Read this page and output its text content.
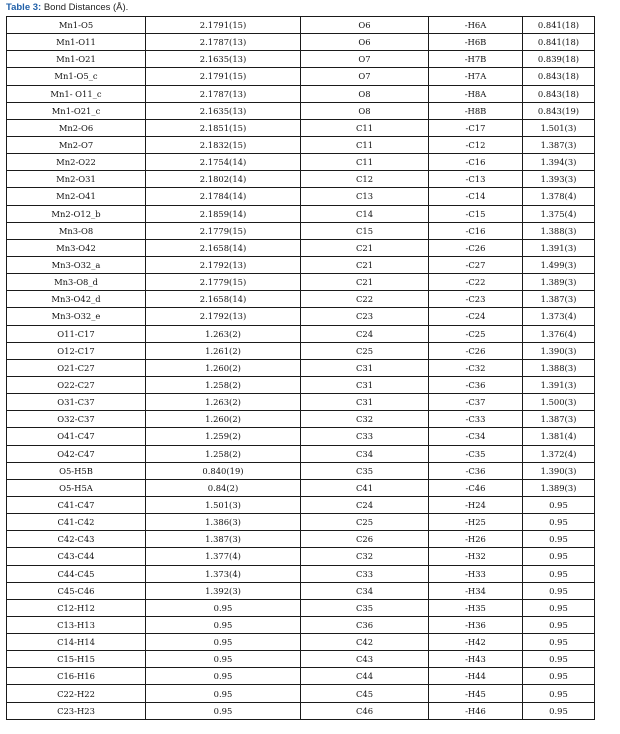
Table 3: Bond Distances (Å).
Mn1-O5	2.1791(15)	O6	-H6A	0.841(18)
Mn1-O11	2.1787(13)	O6	-H6B	0.841(18)
Mn1-O21	2.1635(13)	O7	-H7B	0.839(18)
Mn1-O5_c	2.1791(15)	O7	-H7A	0.843(18)
Mn1- O11_c	2.1787(13)	O8	-H8A	0.843(18)
Mn1-O21_c	2.1635(13)	O8	-H8B	0.843(19)
Mn2-O6	2.1851(15)	C11	-C17	1.501(3)
Mn2-O7	2.1832(15)	C11	-C12	1.387(3)
Mn2-O22	2.1754(14)	C11	-C16	1.394(3)
Mn2-O31	2.1802(14)	C12	-C13	1.393(3)
Mn2-O41	2.1784(14)	C13	-C14	1.378(4)
Mn2-O12_b	2.1859(14)	C14	-C15	1.375(4)
Mn3-O8	2.1779(15)	C15	-C16	1.388(3)
Mn3-O42	2.1658(14)	C21	-C26	1.391(3)
Mn3-O32_a	2.1792(13)	C21	-C27	1.499(3)
Mn3-O8_d	2.1779(15)	C21	-C22	1.389(3)
Mn3-O42_d	2.1658(14)	C22	-C23	1.387(3)
Mn3-O32_e	2.1792(13)	C23	-C24	1.373(4)
O11-C17	1.263(2)	C24	-C25	1.376(4)
O12-C17	1.261(2)	C25	-C26	1.390(3)
O21-C27	1.260(2)	C31	-C32	1.388(3)
O22-C27	1.258(2)	C31	-C36	1.391(3)
O31-C37	1.263(2)	C31	-C37	1.500(3)
O32-C37	1.260(2)	C32	-C33	1.387(3)
O41-C47	1.259(2)	C33	-C34	1.381(4)
O42-C47	1.258(2)	C34	-C35	1.372(4)
O5-H5B	0.840(19)	C35	-C36	1.390(3)
O5-H5A	0.84(2)	C41	-C46	1.389(3)
C41-C47	1.501(3)	C24	-H24	0.95
C41-C42	1.386(3)	C25	-H25	0.95
C42-C43	1.387(3)	C26	-H26	0.95
C43-C44	1.377(4)	C32	-H32	0.95
C44-C45	1.373(4)	C33	-H33	0.95
C45-C46	1.392(3)	C34	-H34	0.95
C12-H12	0.95	C35	-H35	0.95
C13-H13	0.95	C36	-H36	0.95
C14-H14	0.95	C42	-H42	0.95
C15-H15	0.95	C43	-H43	0.95
C16-H16	0.95	C44	-H44	0.95
C22-H22	0.95	C45	-H45	0.95
C23-H23	0.95	C46	-H46	0.95
